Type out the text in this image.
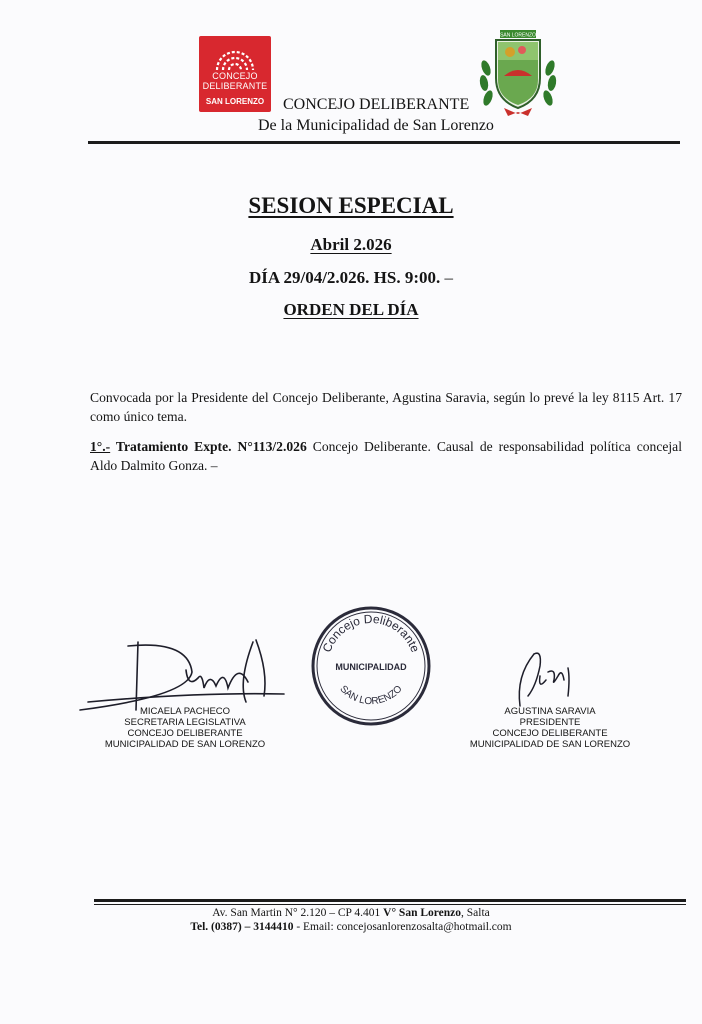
CONCEJO
DELIBERANTE
SAN LORENZO
SAN LORENZO
CONCEJO DELIBERANTE
De la Municipalidad de San Lorenzo
SESION ESPECIAL
Abril 2.026
DÍA 29/04/2.026. HS. 9:00. –
ORDEN DEL DÍA
Convocada por la Presidente del Concejo Deliberante, Agustina Saravia, según lo prevé la ley 8115 Art. 17 como único tema.
1°.- Tratamiento Expte. N°113/2.026 Concejo Deliberante. Causal de responsabilidad política concejal Aldo Dalmito Gonza. –
MICAELA PACHECO
SECRETARIA LEGISLATIVA
CONCEJO DELIBERANTE
MUNICIPALIDAD DE SAN LORENZO
Concejo Deliberante
MUNICIPALIDAD
SAN LORENZO
AGUSTINA SARAVIA
PRESIDENTE
CONCEJO DELIBERANTE
MUNICIPALIDAD DE SAN LORENZO
Av. San Martin N° 2.120 – CP 4.401 V° San Lorenzo, Salta
Tel. (0387) – 3144410 - Email: concejosanlorenzosalta@hotmail.com
